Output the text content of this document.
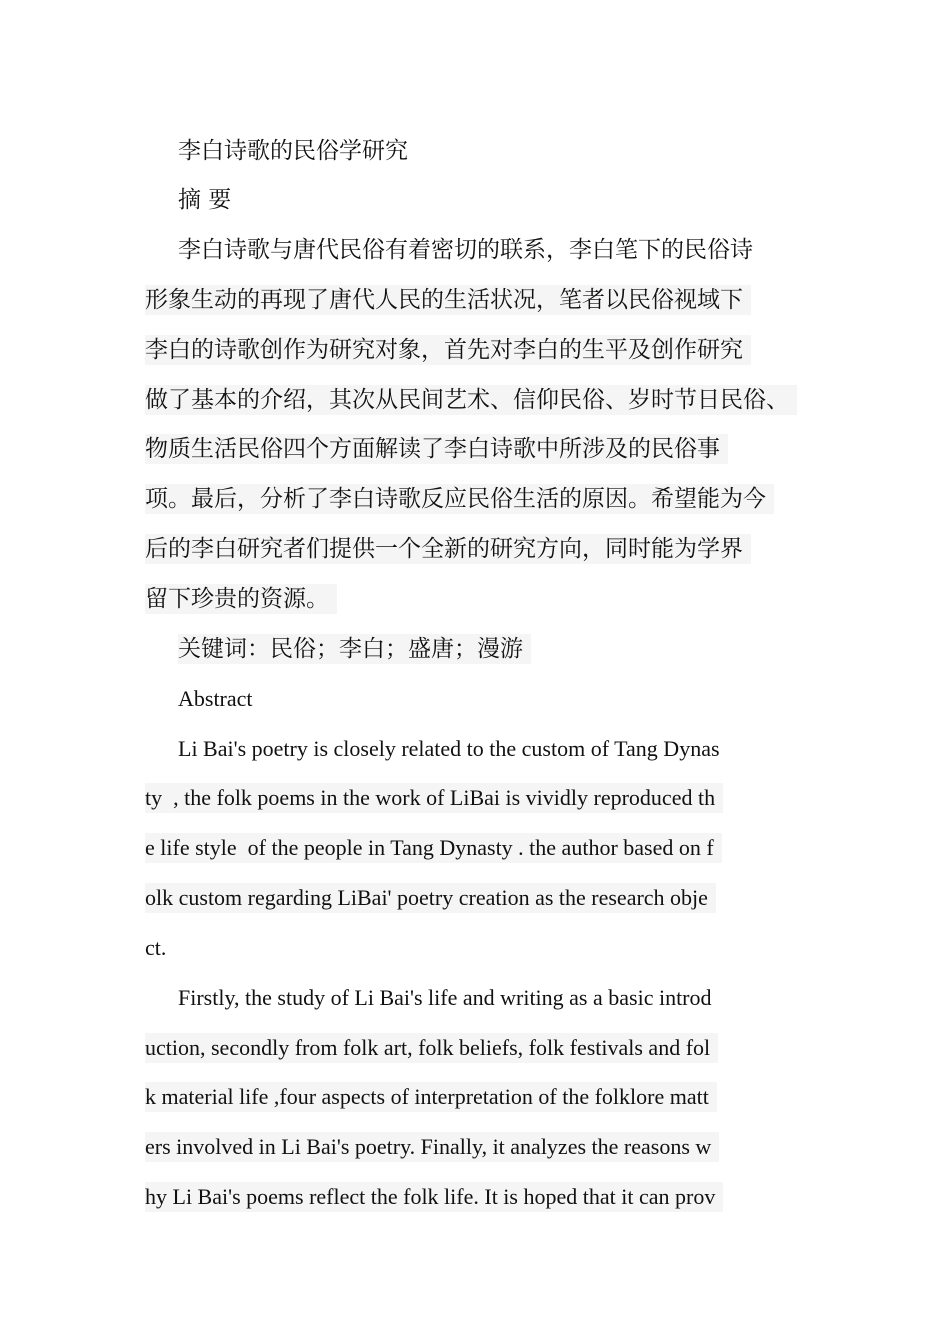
李白诗歌的民俗学研究
摘 要
李白诗歌与唐代民俗有着密切的联系，李白笔下的民俗诗
形象生动的再现了唐代人民的生活状况，笔者以民俗视域下
李白的诗歌创作为研究对象，首先对李白的生平及创作研究
做了基本的介绍，其次从民间艺术、信仰民俗、岁时节日民俗、
物质生活民俗四个方面解读了李白诗歌中所涉及的民俗事
项。最后，分析了李白诗歌反应民俗生活的原因。希望能为今
后的李白研究者们提供一个全新的研究方向，同时能为学界
留下珍贵的资源。
关键词：民俗；李白；盛唐；漫游
Abstract
Li Bai's poetry is closely related to the custom of Tang Dynas
ty  , the folk poems in the work of LiBai is vividly reproduced th
e life style  of the people in Tang Dynasty . the author based on f
olk custom regarding LiBai' poetry creation as the research obje
ct.
Firstly, the study of Li Bai's life and writing as a basic introd
uction, secondly from folk art, folk beliefs, folk festivals and fol
k material life ,four aspects of interpretation of the folklore matt
ers involved in Li Bai's poetry. Finally, it analyzes the reasons w
hy Li Bai's poems reflect the folk life. It is hoped that it can prov
